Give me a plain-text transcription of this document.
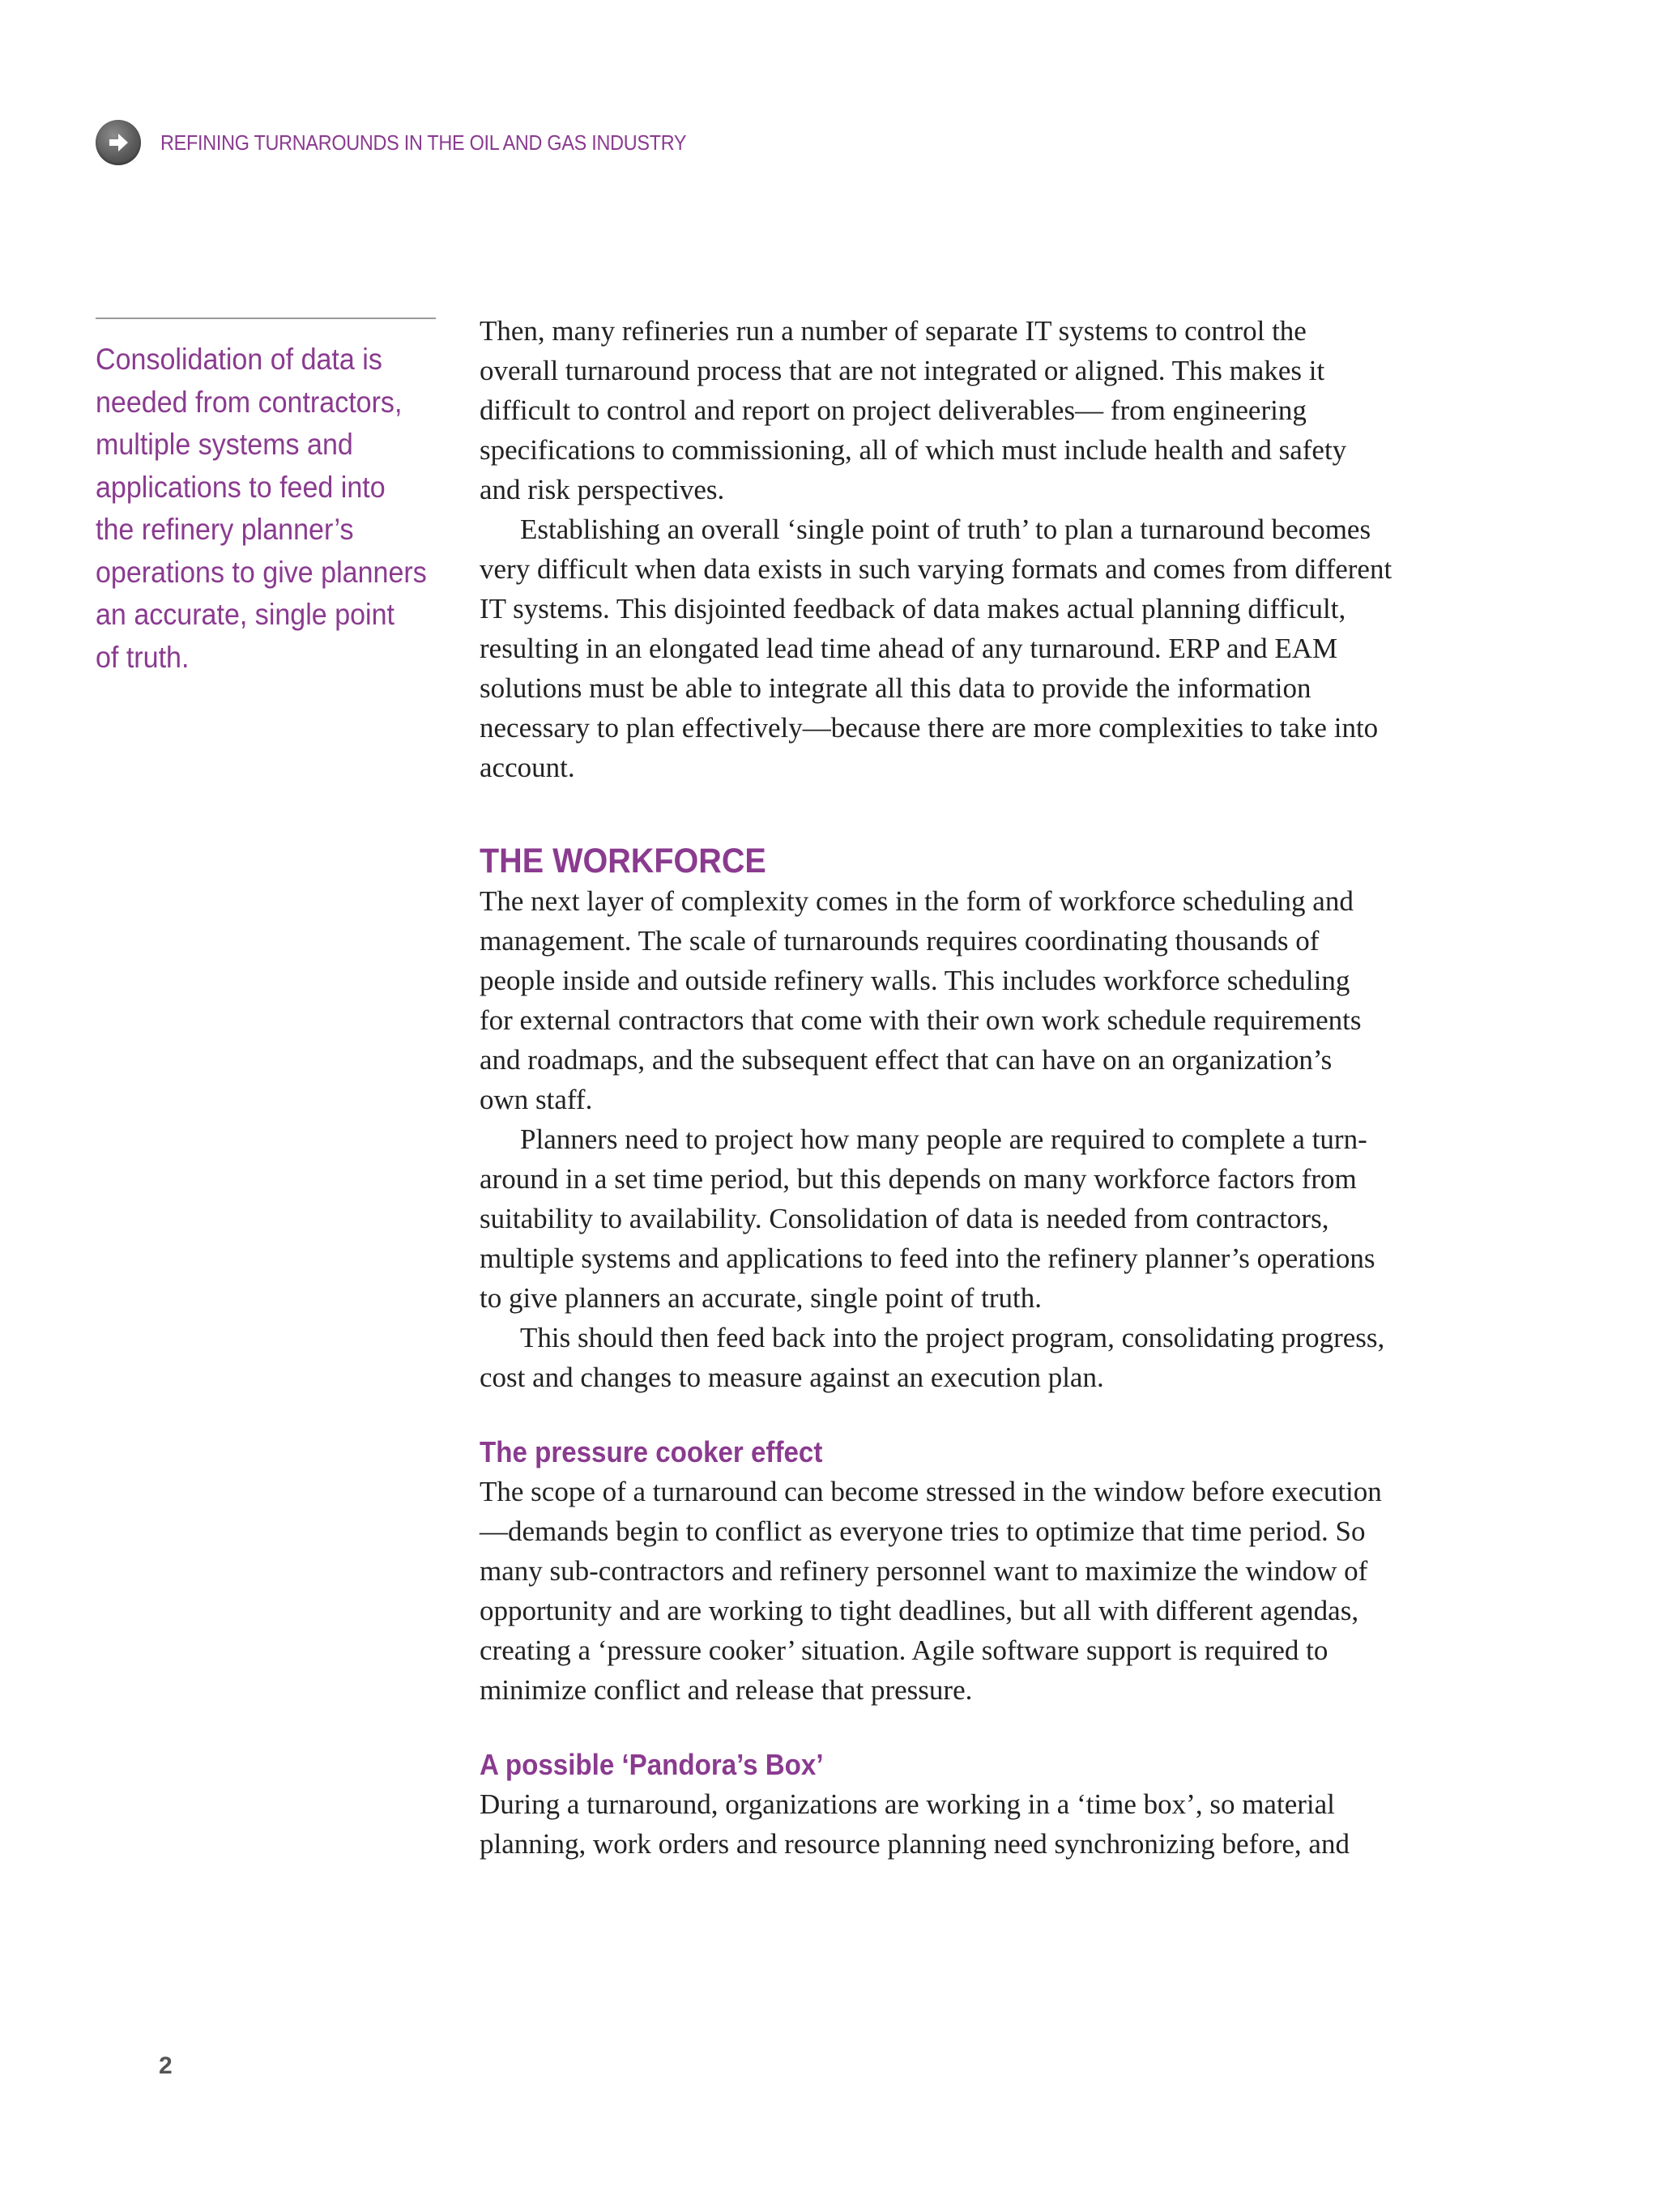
REFINING TURNAROUNDS IN THE OIL AND GAS INDUSTRY
Consolidation of data is
needed from contractors,
multiple systems and
applications to feed into
the refinery planner’s
operations to give planners
an accurate, single point
of truth.

Then, many refineries run a number of separate IT systems to control the
overall turnaround process that are not integrated or aligned. This makes it
difficult to control and report on project deliverables— from engineering
specifications to commissioning, all of which must include health and safety
and risk perspectives.

Establishing an overall ‘single point of truth’ to plan a turnaround becomes
very difficult when data exists in such varying formats and comes from different
IT systems. This disjointed feedback of data makes actual planning difficult,
resulting in an elongated lead time ahead of any turnaround. ERP and EAM
solutions must be able to integrate all this data to provide the information
necessary to plan effectively—because there are more complexities to take into
account.

THE WORKFORCE

The next layer of complexity comes in the form of workforce scheduling and
management. The scale of turnarounds requires coordinating thousands of
people inside and outside refinery walls. This includes workforce scheduling
for external contractors that come with their own work schedule requirements
and roadmaps, and the subsequent effect that can have on an organization’s
own staff.

Planners need to project how many people are required to complete a turn-
around in a set time period, but this depends on many workforce factors from
suitability to availability. Consolidation of data is needed from contractors,
multiple systems and applications to feed into the refinery planner’s operations
to give planners an accurate, single point of truth.

This should then feed back into the project program, consolidating progress,
cost and changes to measure against an execution plan.

The pressure cooker effect

The scope of a turnaround can become stressed in the window before execution
—demands begin to conflict as everyone tries to optimize that time period. So
many sub-contractors and refinery personnel want to maximize the window of
opportunity and are working to tight deadlines, but all with different agendas,
creating a ‘pressure cooker’ situation. Agile software support is required to
minimize conflict and release that pressure.

A possible ‘Pandora’s Box’

During a turnaround, organizations are working in a ‘time box’, so material
planning, work orders and resource planning need synchronizing before, and

2
